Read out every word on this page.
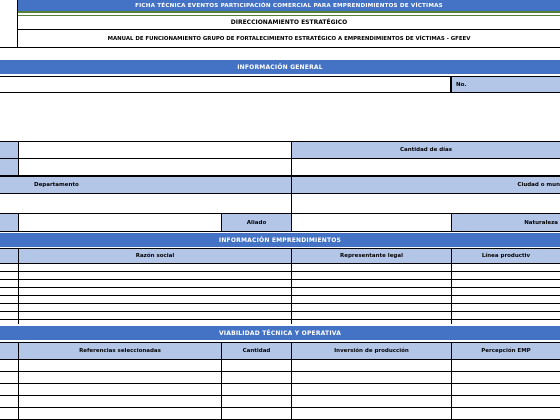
FICHA TÉCNICA EVENTOS PARTICIPACIÓN COMERCIAL PARA EMPRENDIMIENTOS DE VÍCTIMAS
DIRECCIONAMIENTO ESTRATÉGICO
MANUAL DE FUNCIONAMIENTO GRUPO DE FORTALECIMIENTO ESTRATÉGICO A EMPRENDIMIENTOS DE VÍCTIMAS - GFEEV
INFORMACIÓN GENERAL
No.
Cantidad de días
Departamento	Ciudad o mun
Aliado	Naturaleza
INFORMACIÓN EMPRENDIMIENTOS
Razón social	Representante legal	Línea productiv
VIABILIDAD TÉCNICA Y OPERATIVA
Referencias seleccionadas	Cantidad	Inversión de producción	Percepción EMP
